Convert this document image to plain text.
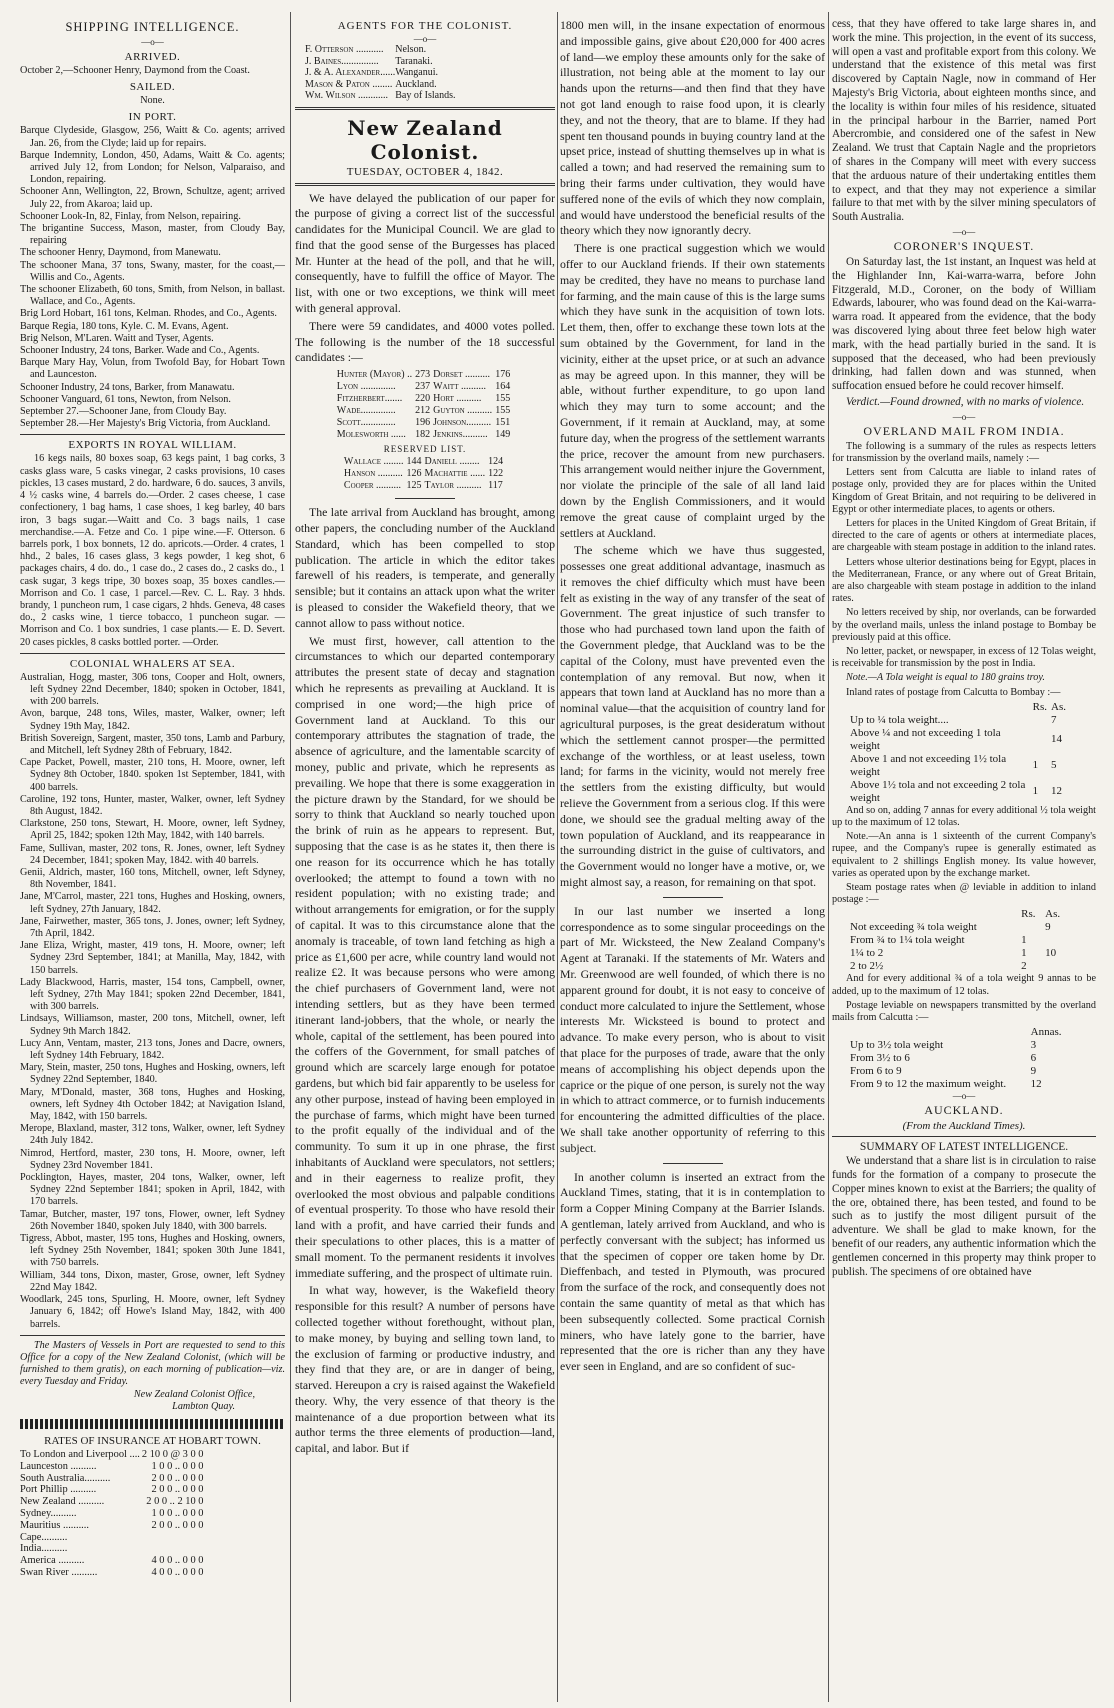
SHIPPING INTELLIGENCE.
—o—
ARRIVED.
October 2,—Schooner Henry, Daymond from the Coast.
SAILED.
None.
IN PORT.
Barque Clydeside, Glasgow, 256, Waitt & Co. agents; arrived Jan. 26, from the Clyde; laid up for repairs.
Barque Indemnity, London, 450, Adams, Waitt & Co. agents; arrived July 12, from London; for Nelson, Valparaiso, and London, repairing.
Schooner Ann, Wellington, 22, Brown, Schultze, agent; arrived July 22, from Akaroa; laid up.
Schooner Look-In, 82, Finlay, from Nelson, repairing.
The brigantine Success, Mason, master, from Cloudy Bay, repairing
The schooner Henry, Daymond, from Manewatu.
The schooner Mana, 37 tons, Swany, master, for the coast,—Willis and Co., Agents.
The schooner Elizabeth, 60 tons, Smith, from Nelson, in ballast. Wallace, and Co., Agents.
Brig Lord Hobart, 161 tons, Kelman. Rhodes, and Co., Agents.
Barque Regia, 180 tons, Kyle. C. M. Evans, Agent.
Brig Nelson, M'Laren. Waitt and Tyser, Agents.
Schooner Industry, 24 tons, Barker. Wade and Co., Agents.
Barque Mary Hay, Volun, from Twofold Bay, for Hobart Town and Launceston.
Schooner Industry, 24 tons, Barker, from Manawatu.
Schooner Vanguard, 61 tons, Newton, from Nelson.
September 27.—Schooner Jane, from Cloudy Bay.
September 28.—Her Majesty's Brig Victoria, from Auckland.
EXPORTS IN ROYAL WILLIAM.
16 kegs nails, 80 boxes soap, 63 kegs paint, 1 bag corks, 3 casks glass ware, 5 casks vinegar, 2 casks provisions, 10 cases pickles, 13 cases mustard, 2 do. hardware, 6 do. sauces, 3 anvils, 4 ½ casks wine, 4 barrels do.—Order. 2 cases cheese, 1 case confectionery, 1 bag hams, 1 case shoes, 1 keg barley, 40 bars iron, 3 bags sugar.—Waitt and Co. 3 bags nails, 1 case merchandise.—A. Fetze and Co. 1 pipe wine.—F. Otterson. 6 barrels pork, 1 box bonnets, 12 do. apricots.—Order. 4 crates, 1 hhd., 2 bales, 16 cases glass, 3 kegs powder, 1 keg shot, 6 packages chairs, 4 do. do., 1 case do., 2 cases do., 2 casks do., 1 cask sugar, 3 kegs tripe, 30 boxes soap, 35 boxes candles.—Morrison and Co. 1 case, 1 parcel.—Rev. C. L. Ray. 3 hhds. brandy, 1 puncheon rum, 1 case cigars, 2 hhds. Geneva, 48 cases do., 2 casks wine, 1 tierce tobacco, 1 puncheon sugar. —Morrison and Co. 1 box sundries, 1 case plants.— E. D. Severt. 20 cases pickles, 8 casks bottled porter. —Order.
COLONIAL WHALERS AT SEA.
Australian, Hogg, master, 306 tons, Cooper and Holt, owners, left Sydney 22nd December, 1840; spoken in October, 1841, with 200 barrels.
Avon, barque, 248 tons, Wiles, master, Walker, owner; left Sydney 19th May, 1842.
British Sovereign, Sargent, master, 350 tons, Lamb and Parbury, and Mitchell, left Sydney 28th of February, 1842.
Cape Packet, Powell, master, 210 tons, H. Moore, owner, left Sydney 8th October, 1840. spoken 1st September, 1841, with 400 barrels.
Caroline, 192 tons, Hunter, master, Walker, owner, left Sydney 8th August, 1842.
Clarkstone, 250 tons, Stewart, H. Moore, owner, left Sydney, April 25, 1842; spoken 12th May, 1842, with 140 barrels.
Fame, Sullivan, master, 202 tons, R. Jones, owner, left Sydney 24 December, 1841; spoken May, 1842. with 40 barrels.
Genii, Aldrich, master, 160 tons, Mitchell, owner, left Sdyney, 8th November, 1841.
Jane, M'Carrol, master, 221 tons, Hughes and Hosking, owners, left Sydney, 27th January, 1842.
Jane, Fairwether, master, 365 tons, J. Jones, owner; left Sydney, 7th April, 1842.
Jane Eliza, Wright, master, 419 tons, H. Moore, owner; left Sydney 23rd September, 1841; at Manilla, May, 1842, with 150 barrels.
Lady Blackwood, Harris, master, 154 tons, Campbell, owner, left Sydney, 27th May 1841; spoken 22nd December, 1841, with 300 barrels.
Lindsays, Williamson, master, 200 tons, Mitchell, owner, left Sydney 9th March 1842.
Lucy Ann, Ventam, master, 213 tons, Jones and Dacre, owners, left Sydney 14th February, 1842.
Mary, Stein, master, 250 tons, Hughes and Hosking, owners, left Sydney 22nd September, 1840.
Mary, M'Donald, master, 368 tons, Hughes and Hosking, owners, left Sydney 4th October 1842; at Navigation Island, May, 1842, with 150 barrels.
Merope, Blaxland, master, 312 tons, Walker, owner, left Sydney 24th July 1842.
Nimrod, Hertford, master, 230 tons, H. Moore, owner, left Sydney 23rd November 1841.
Pocklington, Hayes, master, 204 tons, Walker, owner, left Sydney 22nd September 1841; spoken in April, 1842, with 170 barrels.
Tamar, Butcher, master, 197 tons, Flower, owner, left Sydney 26th November 1840, spoken July 1840, with 300 barrels.
Tigress, Abbot, master, 195 tons, Hughes and Hosking, owners, left Sydney 25th November, 1841; spoken 30th June 1841, with 750 barrels.
William, 344 tons, Dixon, master, Grose, owner, left Sydney 22nd May 1842.
Woodlark, 245 tons, Spurling, H. Moore, owner, left Sydney January 6, 1842; off Howe's Island May, 1842, with 400 barrels.
The Masters of Vessels in Port are requested to send to this Office for a copy of the New Zealand Colonist, (which will be furnished to them gratis), on each morning of publication—viz. every Tuesday and Friday.
New Zealand Colonist Office,
Lambton Quay.
RATES OF INSURANCE AT HOBART TOWN.
To London and Liverpool ....	2 10 0 @ 3 0 0
Launceston ..........	1 0 0 .. 0 0 0
South Australia..........	2 0 0 .. 0 0 0
Port Phillip ..........	2 0 0 .. 0 0 0
New Zealand ..........	2 0 0 .. 2 10 0
Sydney..........	1 0 0 .. 0 0 0
Mauritius ..........	2 0 0 .. 0 0 0
Cape..........	
India..........	
America ..........	4 0 0 .. 0 0 0
Swan River ..........	4 0 0 .. 0 0 0
AGENTS FOR THE COLONIST.
—o—
F. Otterson ...........	Nelson.
J. Baines...............	Taranaki.
J. & A. Alexander......	Wanganui.
Mason & Paton ........	Auckland.
Wm. Wilson ............	Bay of Islands.
New Zealand Colonist.
TUESDAY, OCTOBER 4, 1842.

We have delayed the publication of our paper for the purpose of giving a correct list of the successful candidates for the Municipal Council. We are glad to find that the good sense of the Burgesses has placed Mr. Hunter at the head of the poll, and that he will, consequently, have to fulfill the office of Mayor. The list, with one or two exceptions, we think will meet with general approval.

There were 59 candidates, and 4000 votes polled. The following is the number of the 18 successful candidates :—

Hunter (Mayor) ..	273	Dorset ..........	176
Lyon ..............	237	Waitt ..........	164
Fitzherbert.......	220	Hort ..........	155
Wade..............	212	Guyton ..........	155
Scott..............	196	Johnson..........	151
Molesworth ......	182	Jenkins..........	149
RESERVED LIST.
Wallace ........	144	Daniell ........	124
Hanson ..........	126	Machattie ......	122
Cooper ..........	125	Taylor ..........	117

The late arrival from Auckland has brought, among other papers, the concluding number of the Auckland Standard, which has been compelled to stop publication. The article in which the editor takes farewell of his readers, is temperate, and generally sensible; but it contains an attack upon what the writer is pleased to consider the Wakefield theory, that we cannot allow to pass without notice.

We must first, however, call attention to the circumstances to which our departed contemporary attributes the present state of decay and stagnation which he represents as prevailing at Auckland. It is comprised in one word;—the high price of Government land at Auckland. To this our contemporary attributes the stagnation of trade, the absence of agriculture, and the lamentable scarcity of money, public and private, which he represents as prevailing. We hope that there is some exaggeration in the picture drawn by the Standard, for we should be sorry to think that Auckland so nearly touched upon the brink of ruin as he appears to represent. But, supposing that the case is as he states it, then there is one reason for its occurrence which he has totally overlooked; the attempt to found a town with no resident population; with no existing trade; and without arrangements for emigration, or for the supply of capital. It was to this circumstance alone that the anomaly is traceable, of town land fetching as high a price as £1,600 per acre, while country land would not realize £2. It was because persons who were among the chief purchasers of Government land, were not intending settlers, but as they have been termed itinerant land-jobbers, that the whole, or nearly the whole, capital of the settlement, has been poured into the coffers of the Government, for small patches of ground which are scarcely large enough for potatoe gardens, but which bid fair apparently to be useless for any other purpose, instead of having been employed in the purchase of farms, which might have been turned to the profit equally of the individual and of the community. To sum it up in one phrase, the first inhabitants of Auckland were speculators, not settlers; and in their eagerness to realize profit, they overlooked the most obvious and palpable conditions of eventual prosperity. To those who have resold their land with a profit, and have carried their funds and their speculations to other places, this is a matter of small moment. To the permanent residents it involves immediate suffering, and the prospect of ultimate ruin.

In what way, however, is the Wakefield theory responsible for this result? A number of persons have collected together without forethought, without plan, to make money, by buying and selling town land, to the exclusion of farming or productive industry, and they find that they are, or are in danger of being, starved. Hereupon a cry is raised against the Wakefield theory. Why, the very essence of that theory is the maintenance of a due proportion between what its author terms the three elements of production—land, capital, and labor. But if

1800 men will, in the insane expectation of enormous and impossible gains, give about £20,000 for 400 acres of land—we employ these amounts only for the sake of illustration, not being able at the moment to lay our hands upon the returns—and then find that they have not got land enough to raise food upon, it is clearly they, and not the theory, that are to blame. If they had spent ten thousand pounds in buying country land at the upset price, instead of shutting themselves up in what is called a town; and had reserved the remaining sum to bring their farms under cultivation, they would have suffered none of the evils of which they now complain, and would have understood the beneficial results of the theory which they now ignorantly decry.

There is one practical suggestion which we would offer to our Auckland friends. If their own statements may be credited, they have no means to purchase land for farming, and the main cause of this is the large sums which they have sunk in the acquisition of town lots. Let them, then, offer to exchange these town lots at the sum obtained by the Government, for land in the vicinity, either at the upset price, or at such an advance as may be agreed upon. In this manner, they will be able, without further expenditure, to go upon land which they may turn to some account; and the Government, if it remain at Auckland, may, at some future day, when the progress of the settlement warrants the price, recover the amount from new purchasers. This arrangement would neither injure the Government, nor violate the principle of the sale of all land laid down by the English Commissioners, and it would remove the great cause of complaint urged by the settlers at Auckland.

The scheme which we have thus suggested, possesses one great additional advantage, inasmuch as it removes the chief difficulty which must have been felt as existing in the way of any transfer of the seat of Government. The great injustice of such transfer to those who had purchased town land upon the faith of the Government pledge, that Auckland was to be the capital of the Colony, must have prevented even the contemplation of any removal. But now, when it appears that town land at Auckland has no more than a nominal value—that the acquisition of country land for agricultural purposes, is the great desideratum without which the settlement cannot prosper—the permitted exchange of the worthless, or at least useless, town land; for farms in the vicinity, would not merely free the settlers from the existing difficulty, but would relieve the Government from a serious clog. If this were done, we should see the gradual melting away of the town population of Auckland, and its reappearance in the surrounding district in the guise of cultivators, and the Government would no longer have a motive, or, we might almost say, a reason, for remaining on that spot.

In our last number we inserted a long correspondence as to some singular proceedings on the part of Mr. Wicksteed, the New Zealand Company's Agent at Taranaki. If the statements of Mr. Waters and Mr. Greenwood are well founded, of which there is no apparent ground for doubt, it is not easy to conceive of conduct more calculated to injure the Settlement, whose interests Mr. Wicksteed is bound to protect and advance. To make every person, who is about to visit that place for the purposes of trade, aware that the only means of accomplishing his object depends upon the caprice or the pique of one person, is surely not the way in which to attract commerce, or to furnish inducements for encountering the admitted difficulties of the place. We shall take another opportunity of referring to this subject.

In another column is inserted an extract from the Auckland Times, stating, that it is in contemplation to form a Copper Mining Company at the Barrier Islands. A gentleman, lately arrived from Auckland, and who is perfectly conversant with the subject; has informed us that the specimen of copper ore taken home by Dr. Dieffenbach, and tested in Plymouth, was procured from the surface of the rock, and consequently does not contain the same quantity of metal as that which has been subsequently collected. Some practical Cornish miners, who have lately gone to the barrier, have represented that the ore is richer than any they have ever seen in England, and are so confident of suc-

cess, that they have offered to take large shares in, and work the mine. This projection, in the event of its success, will open a vast and profitable export from this colony. We understand that the existence of this metal was first discovered by Captain Nagle, now in command of Her Majesty's Brig Victoria, about eighteen months since, and the locality is within four miles of his residence, situated in the principal harbour in the Barrier, named Port Abercrombie, and considered one of the safest in New Zealand. We trust that Captain Nagle and the proprietors of shares in the Company will meet with every success that the arduous nature of their undertaking entitles them to expect, and that they may not experience a similar failure to that met with by the silver mining speculators of South Australia.

—o—
CORONER'S INQUEST.

On Saturday last, the 1st instant, an Inquest was held at the Highlander Inn, Kai-warra-warra, before John Fitzgerald, M.D., Coroner, on the body of William Edwards, labourer, who was found dead on the Kai-warra-warra road. It appeared from the evidence, that the body was discovered lying about three feet below high water mark, with the head partially buried in the sand. It is supposed that the deceased, who had been previously drinking, had fallen down and was stunned, when suffocation ensued before he could recover himself.

Verdict.—Found drowned, with no marks of violence.

—o—
OVERLAND MAIL FROM INDIA.

The following is a summary of the rules as respects letters for transmission by the overland mails, namely :—

Letters sent from Calcutta are liable to inland rates of postage only, provided they are for places within the United Kingdom of Great Britain, and not requiring to be delivered in Egypt or other intermediate places, to agents or others.

Letters for places in the United Kingdom of Great Britain, if directed to the care of agents or others at intermediate places, are chargeable with steam postage in addition to the inland rates.

Letters whose ulterior destinations being for Egypt, places in the Mediterranean, France, or any where out of Great Britain, are also chargeable with steam postage in addition to the inland rates.

No letters received by ship, nor overlands, can be forwarded by the overland mails, unless the inland postage to Bombay be previously paid at this office.

No letter, packet, or newspaper, in excess of 12 Tolas weight, is receivable for transmission by the post in India.

Note.—A Tola weight is equal to 180 grains troy.

Inland rates of postage from Calcutta to Bombay :—

	Rs.	As.
Up to ¼ tola weight....		7
Above ¼ and not exceeding 1 tola weight		14
Above 1 and not exceeding 1½ tola weight	1	5
Above 1½ tola and not exceeding 2 tola weight	1	12

And so on, adding 7 annas for every additional ½ tola weight up to the maximum of 12 tolas.

Note.—An anna is 1 sixteenth of the current Company's rupee, and the Company's rupee is generally estimated as equivalent to 2 shillings English money. Its value however, varies as operated upon by the exchange market.

Steam postage rates when @ leviable in addition to inland postage :—

	Rs.	As.
Not exceeding ¾ tola weight		9
From ¾ to 1¼ tola weight	1	
1¼ to 2	1	10
2 to 2½	2	

And for every additional ¾ of a tola weight 9 annas to be added, up to the maximum of 12 tolas.

Postage leviable on newspapers transmitted by the overland mails from Calcutta :—

	Annas.
Up to 3½ tola weight	3
From 3½ to 6	6
From 6 to 9	9
From 9 to 12 the maximum weight.	12
—o—
AUCKLAND.
(From the Auckland Times).
SUMMARY OF LATEST INTELLIGENCE.

We understand that a share list is in circulation to raise funds for the formation of a company to prosecute the Copper mines known to exist at the Barriers; the quality of the ore, obtained there, has been tested, and found to be such as to justify the most diligent pursuit of the adventure. We shall be glad to make known, for the benefit of our readers, any authentic information which the gentlemen concerned in this property may think proper to publish. The specimens of ore obtained have
